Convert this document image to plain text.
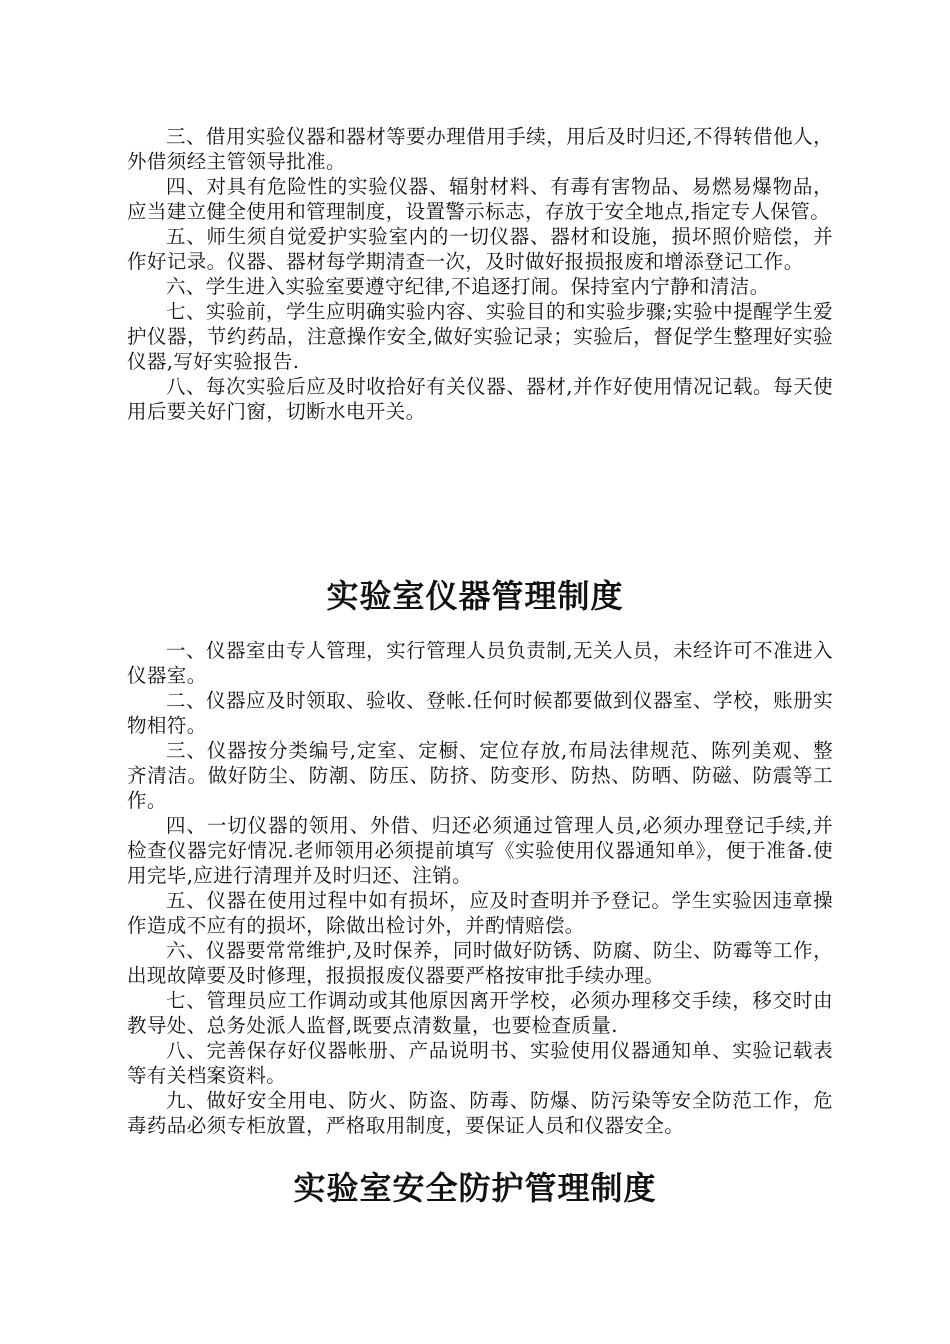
三、借用实验仪器和器材等要办理借用手续，用后及时归还,不得转借他人，外借须经主管领导批准。

四、对具有危险性的实验仪器、辐射材料、有毒有害物品、易燃易爆物品，应当建立健全使用和管理制度，设置警示标志，存放于安全地点,指定专人保管。

五、师生须自觉爱护实验室内的一切仪器、器材和设施，损坏照价赔偿，并作好记录。仪器、器材每学期清查一次，及时做好报损报废和增添登记工作。

六、学生进入实验室要遵守纪律,不追逐打闹。保持室内宁静和清洁。

七、实验前，学生应明确实验内容、实验目的和实验步骤;实验中提醒学生爱护仪器，节约药品，注意操作安全,做好实验记录；实验后，督促学生整理好实验仪器,写好实验报告.

八、每次实验后应及时收拾好有关仪器、器材,并作好使用情况记载。每天使用后要关好门窗，切断水电开关。

实验室仪器管理制度

一、仪器室由专人管理，实行管理人员负责制,无关人员，未经许可不准进入仪器室。

二、仪器应及时领取、验收、登帐.任何时候都要做到仪器室、学校，账册实物相符。

三、仪器按分类编号,定室、定橱、定位存放,布局法律规范、陈列美观、整齐清洁。做好防尘、防潮、防压、防挤、防变形、防热、防晒、防磁、防震等工作。

四、一切仪器的领用、外借、归还必须通过管理人员,必须办理登记手续,并检查仪器完好情况.老师领用必须提前填写《实验使用仪器通知单》，便于准备.使用完毕,应进行清理并及时归还、注销。

五、仪器在使用过程中如有损坏，应及时查明并予登记。学生实验因违章操作造成不应有的损坏，除做出检讨外，并酌情赔偿。

六、仪器要常常维护,及时保养，同时做好防锈、防腐、防尘、防霉等工作，出现故障要及时修理，报损报废仪器要严格按审批手续办理。

七、管理员应工作调动或其他原因离开学校，必须办理移交手续，移交时由教导处、总务处派人监督,既要点清数量，也要检查质量.

八、完善保存好仪器帐册、产品说明书、实验使用仪器通知单、实验记载表等有关档案资料。

九、做好安全用电、防火、防盗、防毒、防爆、防污染等安全防范工作，危毒药品必须专柜放置，严格取用制度，要保证人员和仪器安全。

实验室安全防护管理制度
